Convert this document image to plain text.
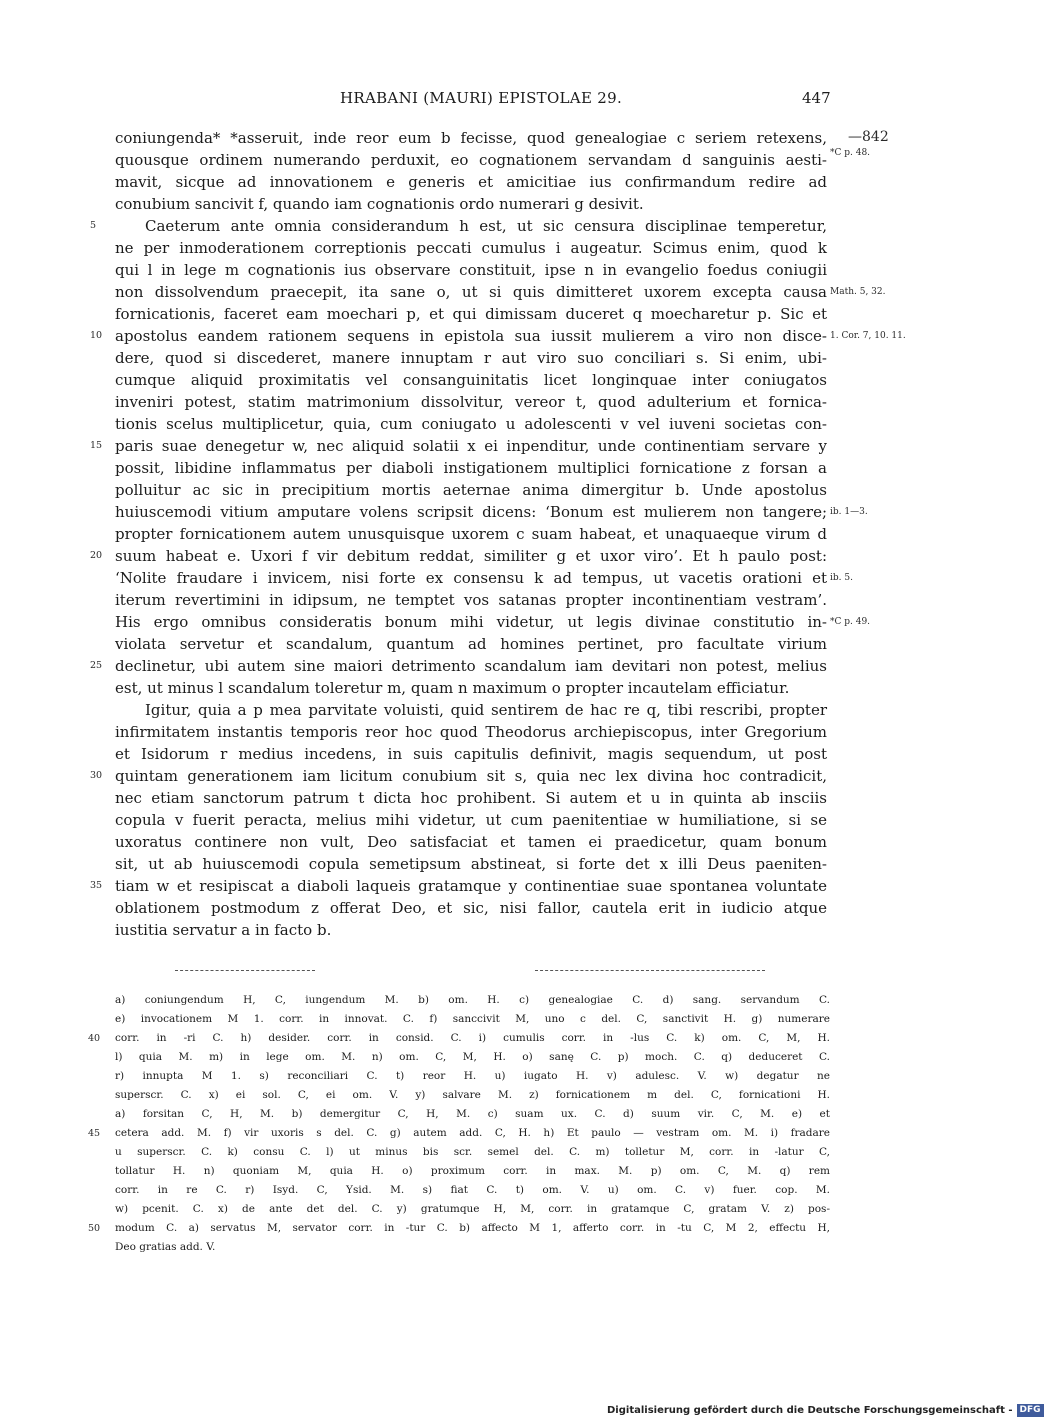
HRABANI (MAURI) EPISTOLAE 29.	447
coniungenda* *asseruit, inde reor eum b fecisse, quod genealogiae c seriem retexens,
quousque ordinem numerando perduxit, eo cognationem servandam d sanguinis aesti-
mavit, sicque ad innovationem e generis et amicitiae ius confirmandum redire ad
conubium sancivit f, quando iam cognationis ordo numerari g desivit.
Caeterum ante omnia considerandum h est, ut sic censura disciplinae temperetur,
ne per inmoderationem correptionis peccati cumulus i augeatur. Scimus enim, quod k
qui l in lege m cognationis ius observare constituit, ipse n in evangelio foedus coniugii
non dissolvendum praecepit, ita sane o, ut si quis dimitteret uxorem excepta causa
fornicationis, faceret eam moechari p, et qui dimissam duceret q moecharetur p. Sic et
apostolus eandem rationem sequens in epistola sua iussit mulierem a viro non disce-
dere, quod si discederet, manere innuptam r aut viro suo conciliari s. Si enim, ubi-
cumque aliquid proximitatis vel consanguinitatis licet longinquae inter coniugatos
inveniri potest, statim matrimonium dissolvitur, vereor t, quod adulterium et fornica-
tionis scelus multiplicetur, quia, cum coniugato u adolescenti v vel iuveni societas con-
paris suae denegetur w, nec aliquid solatii x ei inpenditur, unde continentiam servare y
possit, libidine inflammatus per diaboli instigationem multiplici fornicatione z forsan a
polluitur ac sic in precipitium mortis aeternae anima dimergitur b. Unde apostolus
huiuscemodi vitium amputare volens scripsit dicens: ‘Bonum est mulierem non tangere;
propter fornicationem autem unusquisque uxorem c suam habeat, et unaquaeque virum d
suum habeat e. Uxori f vir debitum reddat, similiter g et uxor viro’. Et h paulo post:
‘Nolite fraudare i invicem, nisi forte ex consensu k ad tempus, ut vacetis orationi et
iterum revertimini in idipsum, ne temptet vos satanas propter incontinentiam vestram’.
His ergo omnibus consideratis bonum mihi videtur, ut legis divinae constitutio in-
violata servetur et scandalum, quantum ad homines pertinet, pro facultate virium
declinetur, ubi autem sine maiori detrimento scandalum iam devitari non potest, melius
est, ut minus l scandalum toleretur m, quam n maximum o propter incautelam efficiatur.
Igitur, quia a p mea parvitate voluisti, quid sentirem de hac re q, tibi rescribi, propter
infirmitatem instantis temporis reor hoc quod Theodorus archiepiscopus, inter Gregorium
et Isidorum r medius incedens, in suis capitulis definivit, magis sequendum, ut post
quintam generationem iam licitum conubium sit s, quia nec lex divina hoc contradicit,
nec etiam sanctorum patrum t dicta hoc prohibent. Si autem et u in quinta ab insciis
copula v fuerit peracta, melius mihi videtur, ut cum paenitentiae w humiliatione, si se
uxoratus continere non vult, Deo satisfaciat et tamen ei praedicetur, quam bonum
sit, ut ab huiuscemodi copula semetipsum abstineat, si forte det x illi Deus paeniten-
tiam w et resipiscat a diaboli laqueis gratamque y continentiae suae spontanea voluntate
oblationem postmodum z offerat Deo, et sic, nisi fallor, cautela erit in iudicio atque
iustitia servatur a in facto b.
5
10
15
20
25
30
35
—842
*C p. 48.
Math. 5, 32.
1. Cor. 7, 10. 11.
ib. 1—3.
ib. 5.
*C p. 49.
a) coniungendum H, C, iungendum M. b) om. H. c) genealogiae C. d) sang. servandum C.
e) invocationem M 1. corr. in innovat. C. f) sanccivit M, uno c del. C, sanctivit H. g) numerare
corr. in -ri C. h) desider. corr. in consid. C. i) cumulis corr. in -lus C. k) om. C, M, H.
l) quia M. m) in lege om. M. n) om. C, M, H. o) sanę C. p) moch. C. q) deduceret C.
r) innupta M 1. s) reconciliari C. t) reor H. u) iugato H. v) adulesc. V. w) degatur ne
superscr. C. x) ei sol. C, ei om. V. y) salvare M. z) fornicationem m del. C, fornicationi H.
a) forsitan C, H, M. b) demergitur C, H, M. c) suam ux. C. d) suum vir. C, M. e) et
cetera add. M. f) vir uxoris s del. C. g) autem add. C, H. h) Et paulo — vestram om. M. i) fradare
u superscr. C. k) consu C. l) ut minus bis scr. semel del. C. m) tolletur M, corr. in -latur C,
tollatur H. n) quoniam M, quia H. o) proximum corr. in max. M. p) om. C, M. q) rem
corr. in re C. r) Isyd. C, Ysid. M. s) fiat C. t) om. V. u) om. C. v) fuer. cop. M.
w) pcenit. C. x) de ante det del. C. y) gratumque H, M, corr. in gratamque C, gratam V. z) pos-
modum C. a) servatus M, servator corr. in -tur C. b) affecto M 1, afferto corr. in -tu C, M 2, effectu H,
Deo gratias add. V.
40
45
50
Digitalisierung gefördert durch die Deutsche Forschungsgemeinschaft - DFG
